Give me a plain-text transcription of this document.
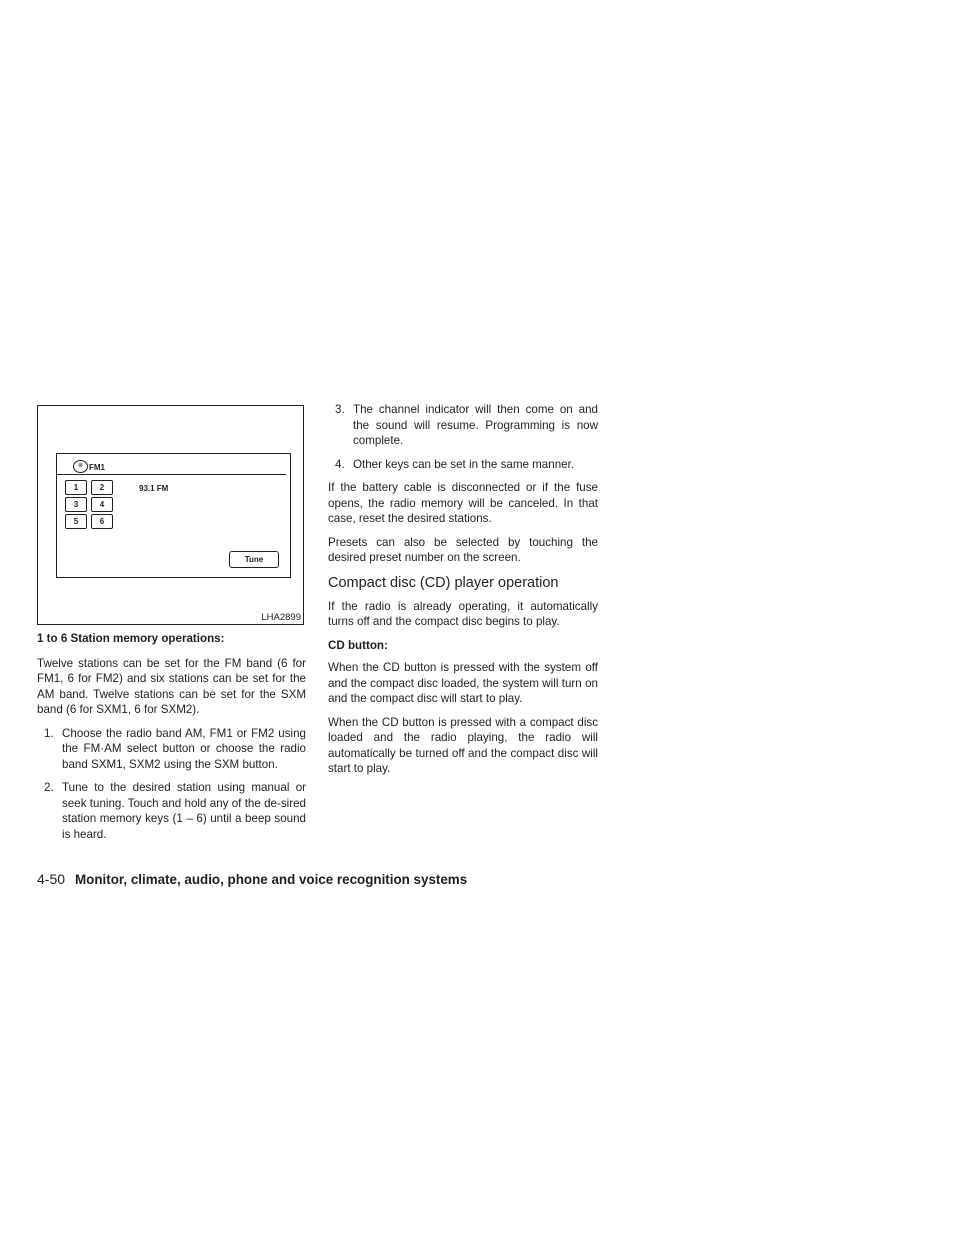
⊗ FM1
93.1 FM
1	2
3	4
5	6
Tune
LHA2899

1 to 6 Station memory operations:

Twelve stations can be set for the FM band (6 for FM1, 6 for FM2) and six stations can be set for the AM band. Twelve stations can be set for the SXM band (6 for SXM1, 6 for SXM2).

1. Choose the radio band AM, FM1 or FM2 using the FM·AM select button or choose the radio band SXM1, SXM2 using the SXM button.

2. Tune to the desired station using manual or seek tuning. Touch and hold any of the de-sired station memory keys (1 – 6) until a beep sound is heard.

3. The channel indicator will then come on and the sound will resume. Programming is now complete.

4. Other keys can be set in the same manner.

If the battery cable is disconnected or if the fuse opens, the radio memory will be canceled. In that case, reset the desired stations.

Presets can also be selected by touching the desired preset number on the screen.

Compact disc (CD) player operation

If the radio is already operating, it automatically turns off and the compact disc begins to play.

CD button:

When the CD button is pressed with the system off and the compact disc loaded, the system will turn on and the compact disc will start to play.

When the CD button is pressed with a compact disc loaded and the radio playing, the radio will automatically be turned off and the compact disc will start to play.

4-50 Monitor, climate, audio, phone and voice recognition systems
